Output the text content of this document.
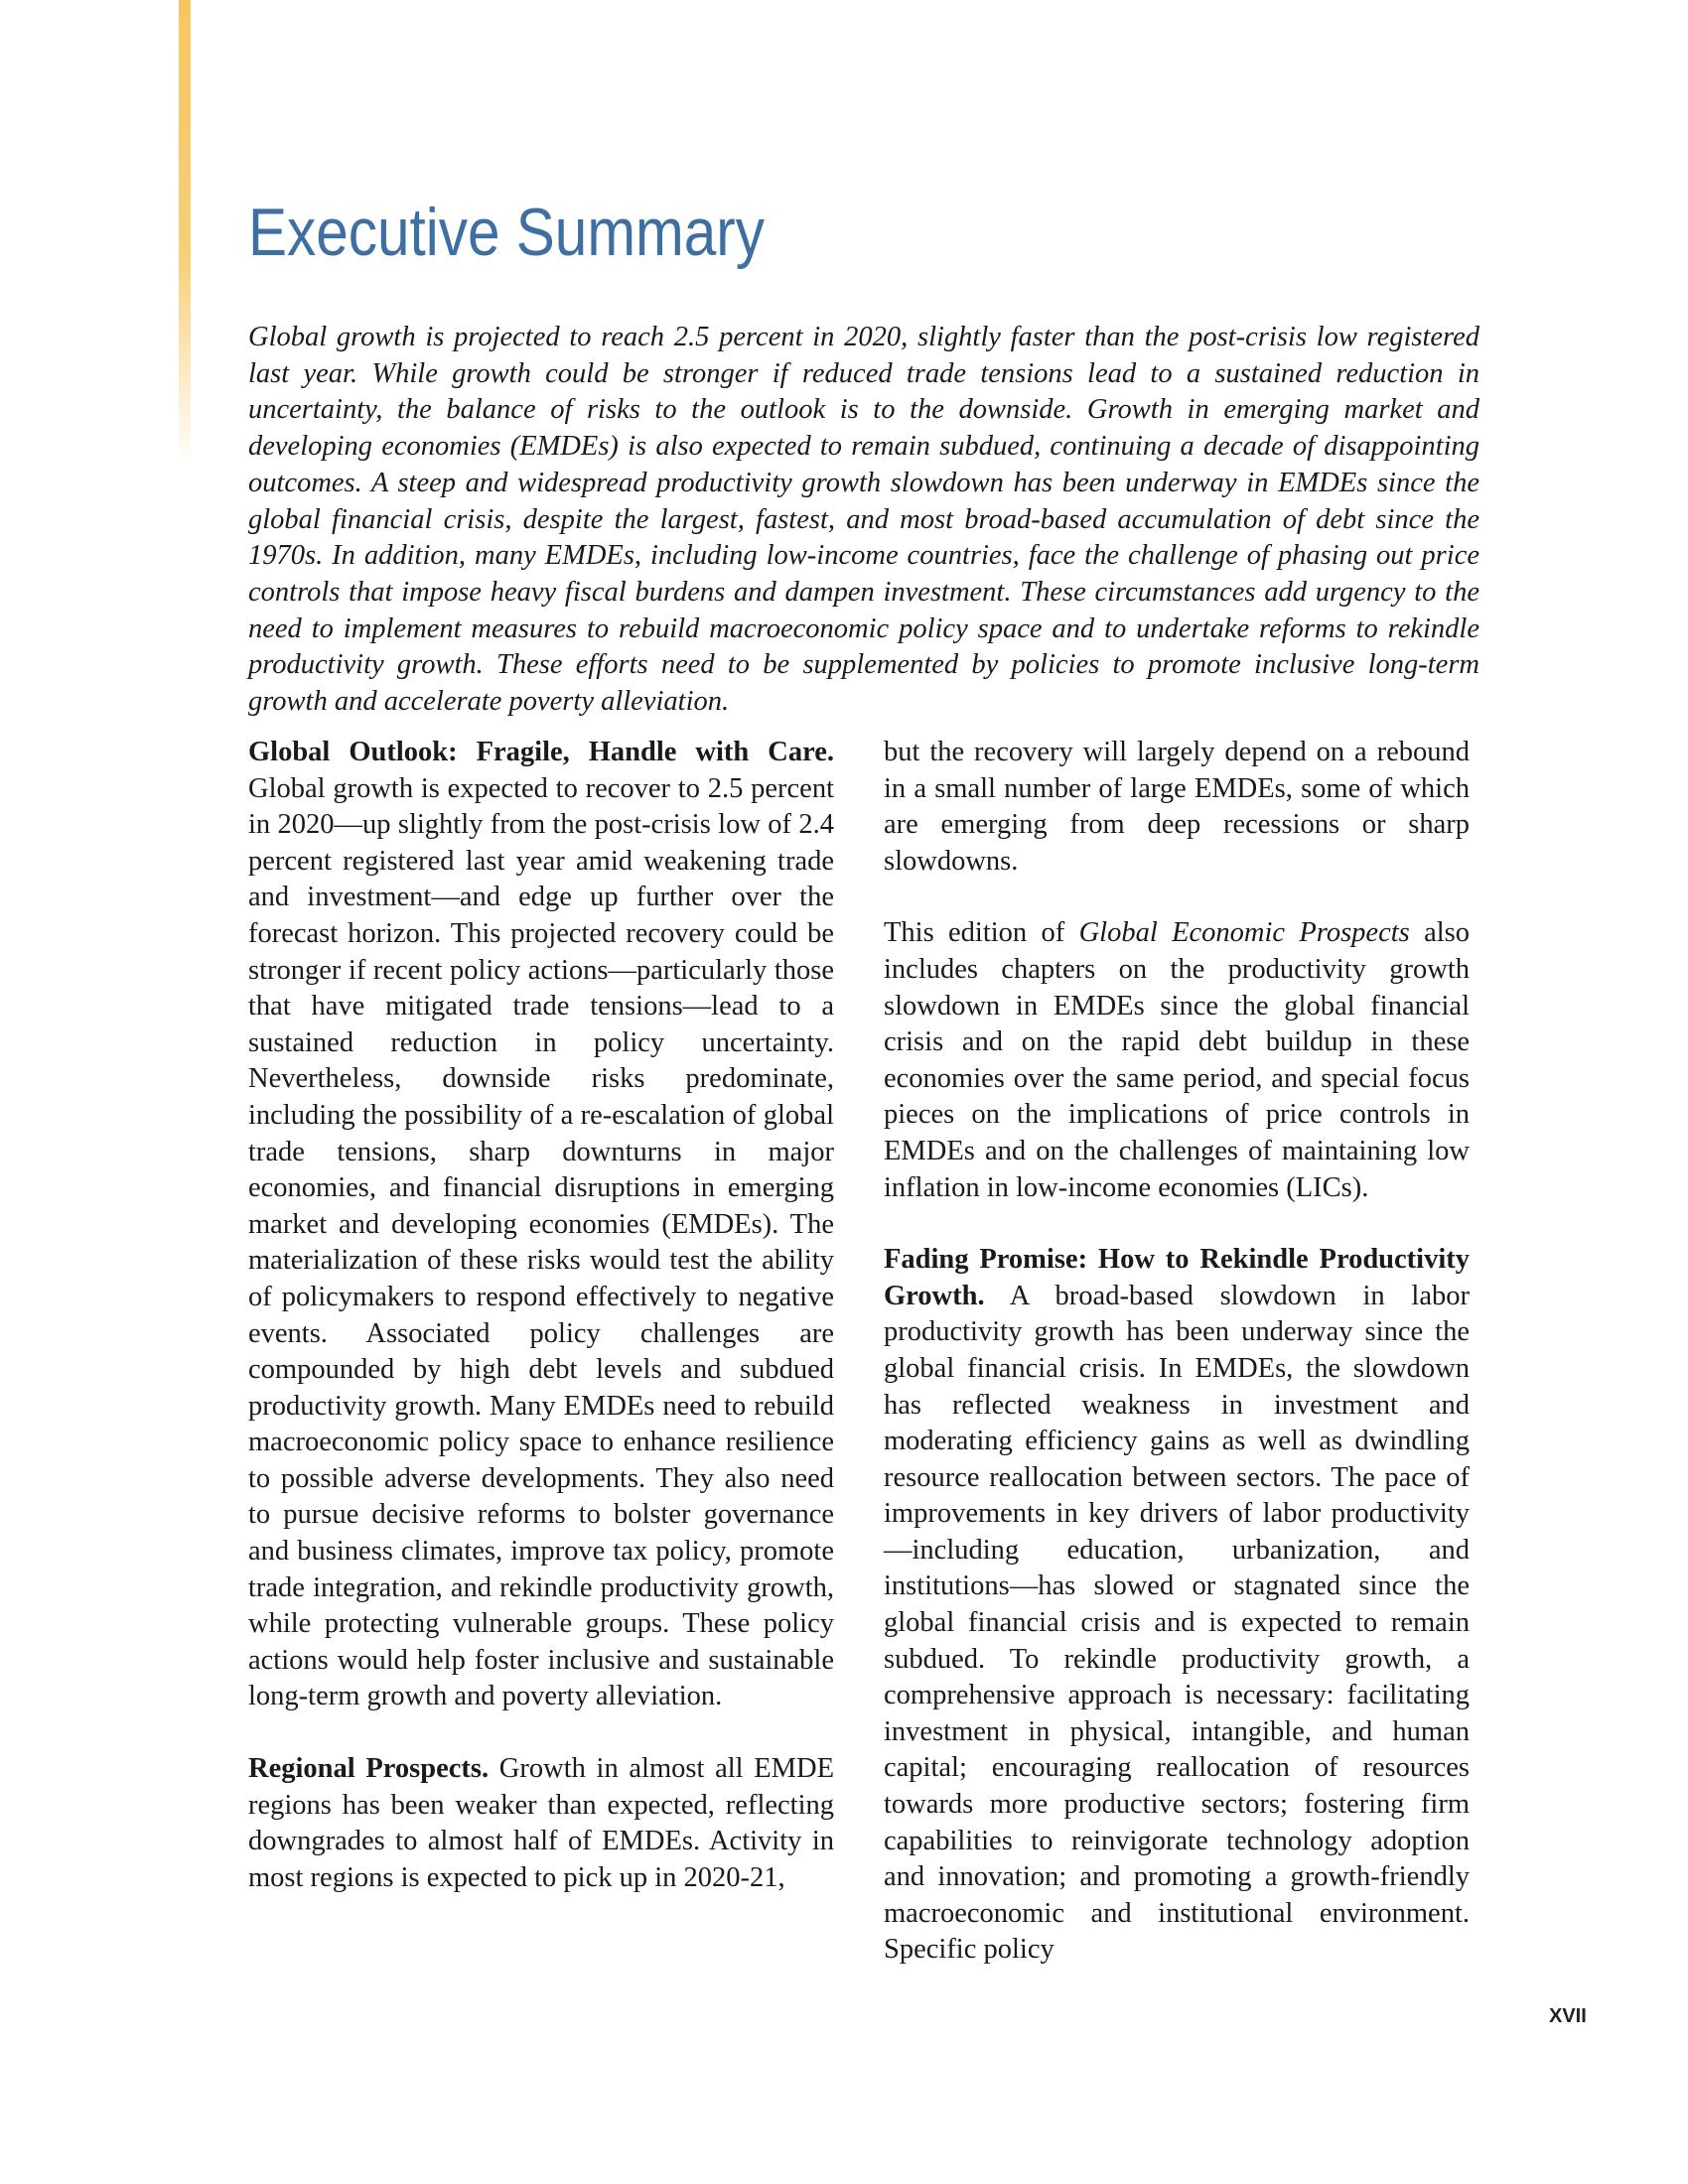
Executive Summary

Global growth is projected to reach 2.5 percent in 2020, slightly faster than the post-crisis low registered last year. While growth could be stronger if reduced trade tensions lead to a sustained reduction in uncertainty, the balance of risks to the outlook is to the downside. Growth in emerging market and developing economies (EMDEs) is also expected to remain subdued, continuing a decade of disappointing outcomes. A steep and widespread productivity growth slowdown has been underway in EMDEs since the global financial crisis, despite the largest, fastest, and most broad-based accumulation of debt since the 1970s. In addition, many EMDEs, including low-income countries, face the challenge of phasing out price controls that impose heavy fiscal burdens and dampen investment. These circumstances add urgency to the need to implement measures to rebuild macroeconomic policy space and to undertake reforms to rekindle productivity growth. These efforts need to be supplemented by policies to promote inclusive long-term growth and accelerate poverty alleviation.

Global Outlook: Fragile, Handle with Care. Global growth is expected to recover to 2.5 percent in 2020—up slightly from the post-crisis low of 2.4 percent registered last year amid weakening trade and investment—and edge up further over the forecast horizon. This projected recovery could be stronger if recent policy actions—particularly those that have mitigated trade tensions—lead to a sustained reduction in policy uncertainty. Nevertheless, downside risks predominate, including the possibility of a re-escalation of global trade tensions, sharp downturns in major economies, and financial disruptions in emerging market and developing economies (EMDEs). The materialization of these risks would test the ability of policymakers to respond effectively to negative events. Associated policy challenges are compounded by high debt levels and subdued productivity growth. Many EMDEs need to rebuild macroeconomic policy space to enhance resilience to possible adverse developments. They also need to pursue decisive reforms to bolster governance and business climates, improve tax policy, promote trade integration, and rekindle productivity growth, while protecting vulnerable groups. These policy actions would help foster inclusive and sustainable long-term growth and poverty alleviation.

Regional Prospects. Growth in almost all EMDE regions has been weaker than expected, reflecting downgrades to almost half of EMDEs. Activity in most regions is expected to pick up in 2020-21,

but the recovery will largely depend on a rebound in a small number of large EMDEs, some of which are emerging from deep recessions or sharp slowdowns.

This edition of Global Economic Prospects also includes chapters on the productivity growth slowdown in EMDEs since the global financial crisis and on the rapid debt buildup in these economies over the same period, and special focus pieces on the implications of price controls in EMDEs and on the challenges of maintaining low inflation in low-income economies (LICs).

Fading Promise: How to Rekindle Productivity Growth. A broad-based slowdown in labor productivity growth has been underway since the global financial crisis. In EMDEs, the slowdown has reflected weakness in investment and moderating efficiency gains as well as dwindling resource reallocation between sectors. The pace of improvements in key drivers of labor productivity—including education, urbanization, and institutions—has slowed or stagnated since the global financial crisis and is expected to remain subdued. To rekindle productivity growth, a comprehensive approach is necessary: facilitating investment in physical, intangible, and human capital; encouraging reallocation of resources towards more productive sectors; fostering firm capabilities to reinvigorate technology adoption and innovation; and promoting a growth-friendly macroeconomic and institutional environment. Specific policy

XVII
